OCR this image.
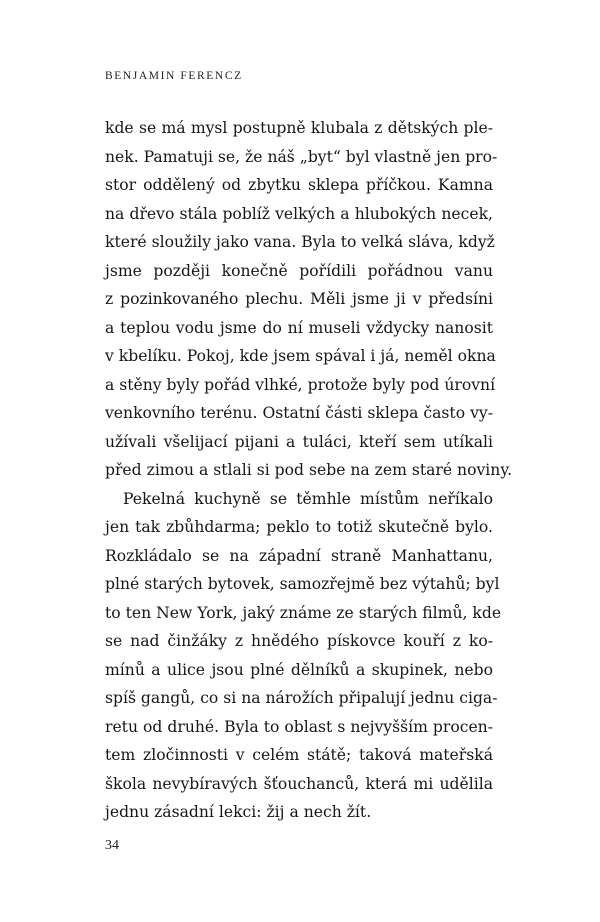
BENJAMIN FERENCZ
kde se má mysl postupně klubala z dětských ple-
nek. Pamatuji se, že náš „byt“ byl vlastně jen pro-
stor oddělený od zbytku sklepa příčkou. Kamna
na dřevo stála poblíž velkých a hlubokých necek,
které sloužily jako vana. Byla to velká sláva, když
jsme později konečně pořídili pořádnou vanu
z pozinkovaného plechu. Měli jsme ji v předsíni
a teplou vodu jsme do ní museli vždycky nanosit
v kbelíku. Pokoj, kde jsem spával i já, neměl okna
a stěny byly pořád vlhké, protože byly pod úrovní
venkovního terénu. Ostatní části sklepa často vy-
užívali všelijací pijani a tuláci, kteří sem utíkali
před zimou a stlali si pod sebe na zem staré noviny.
Pekelná kuchyně se těmhle místům neříkalo
jen tak zbůhdarma; peklo to totiž skutečně bylo.
Rozkládalo se na západní straně Manhattanu,
plné starých bytovek, samozřejmě bez výtahů; byl
to ten New York, jaký známe ze starých filmů, kde
se nad činžáky z hnědého pískovce kouří z ko-
mínů a ulice jsou plné dělníků a skupinek, nebo
spíš gangů, co si na nárožích připalují jednu ciga-
retu od druhé. Byla to oblast s nejvyšším procen-
tem zločinnosti v celém státě; taková mateřská
škola nevybíravých šťouchanců, která mi udělila
jednu zásadní lekci: žij a nech žít.
34
